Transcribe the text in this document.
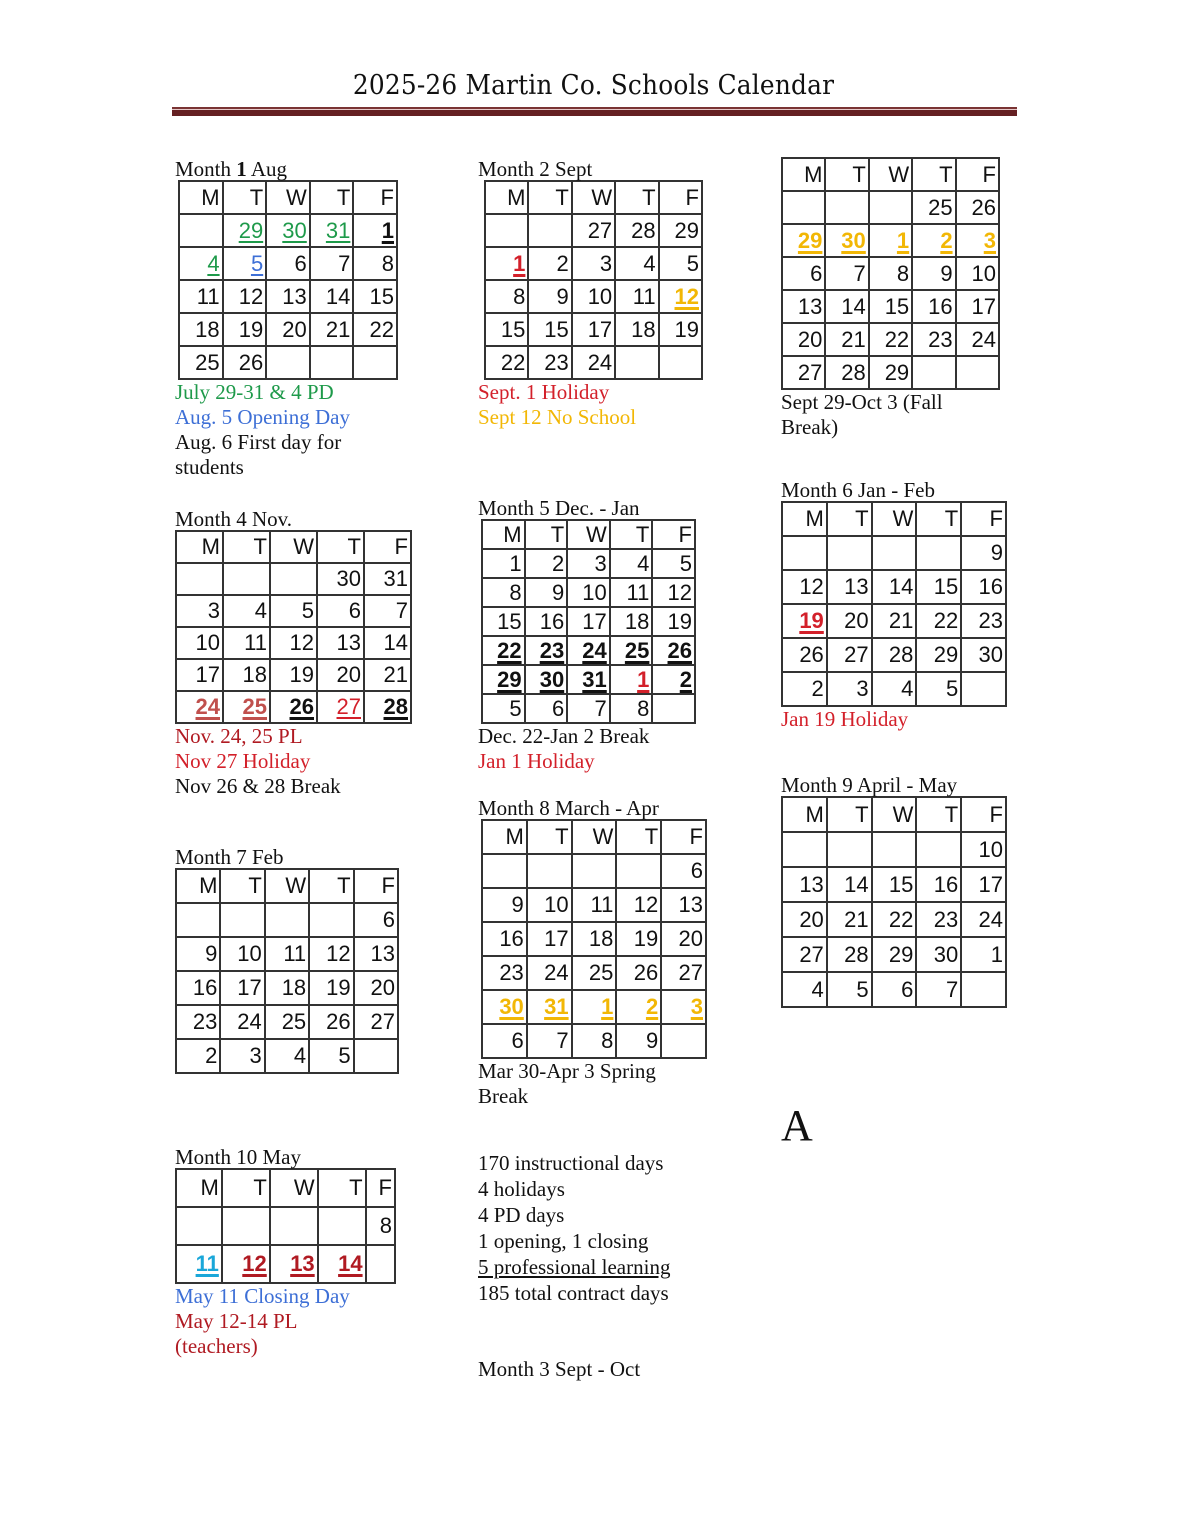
2025-26 Martin Co. Schools Calendar
Month 1 Aug
M	T	W	T	F
	29	30	31	1
4	5	6	7	8
11	12	13	14	15
18	19	20	21	22
25	26			
July 29-31 & 4 PD
Aug. 5 Opening Day
Aug. 6 First day for
students
Month 2 Sept
M	T	W	T	F
		27	28	29
1	2	3	4	5
8	9	10	11	12
15	15	17	18	19
22	23	24		
Sept. 1 Holiday
Sept 12 No School
M	T	W	T	F
			25	26
29	30	1	2	3
6	7	8	9	10
13	14	15	16	17
20	21	22	23	24
27	28	29		
Sept 29-Oct 3 (Fall
Break)
Month 4 Nov.
M	T	W	T	F
			30	31
3	4	5	6	7
10	11	12	13	14
17	18	19	20	21
24	25	26	27	28
Nov. 24, 25 PL
Nov 27 Holiday
Nov 26 & 28 Break
Month 5 Dec. - Jan
M	T	W	T	F
1	2	3	4	5
8	9	10	11	12
15	16	17	18	19
22	23	24	25	26
29	30	31	1	2
5	6	7	8	
Dec. 22-Jan 2 Break
Jan 1 Holiday
Month 6 Jan - Feb
M	T	W	T	F
				9
12	13	14	15	16
19	20	21	22	23
26	27	28	29	30
2	3	4	5	
Jan 19 Holiday
Month 7 Feb
M	T	W	T	F
				6
9	10	11	12	13
16	17	18	19	20
23	24	25	26	27
2	3	4	5	
Month 8 March - Apr
M	T	W	T	F
				6
9	10	11	12	13
16	17	18	19	20
23	24	25	26	27
30	31	1	2	3
6	7	8	9	
Mar 30-Apr 3 Spring
Break
Month 9 April - May
M	T	W	T	F
				10
13	14	15	16	17
20	21	22	23	24
27	28	29	30	1
4	5	6	7	
A
Month 10 May
M	T	W	T	F
				8
11	12	13	14	
May 11 Closing Day
May 12-14 PL
(teachers)
170 instructional days
4 holidays
4 PD days
1 opening, 1 closing
5 professional learning
185 total contract days
Month 3 Sept - Oct
